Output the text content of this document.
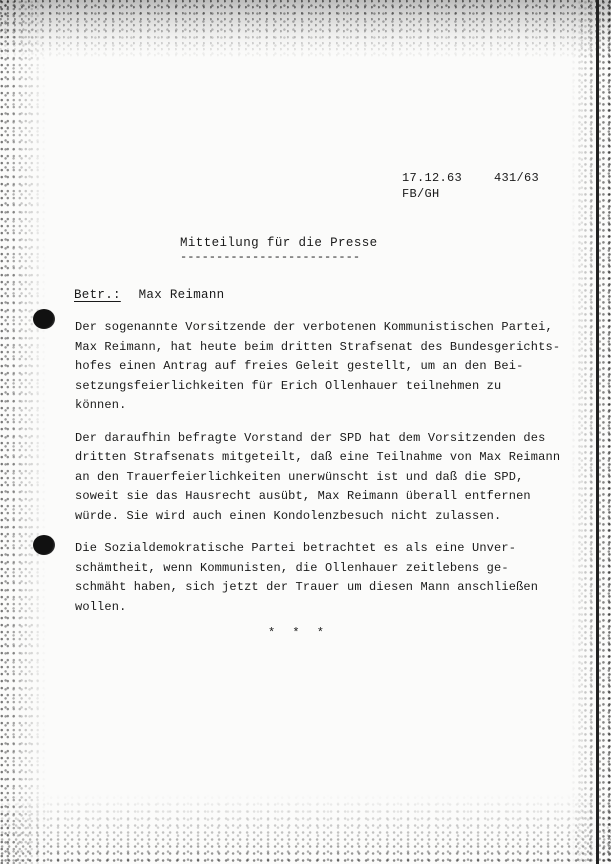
17.12.63	431/63
FB/GH
Mitteilung für die Presse
-------------------------
Betr.: Max Reimann

Der sogenannte Vorsitzende der verbotenen Kommunistischen Partei,
Max Reimann, hat heute beim dritten Strafsenat des Bundesgerichts-
hofes einen Antrag auf freies Geleit gestellt, um an den Bei-
setzungsfeierlichkeiten für Erich Ollenhauer teilnehmen zu
können.

Der daraufhin befragte Vorstand der SPD hat dem Vorsitzenden des
dritten Strafsenats mitgeteilt, daß eine Teilnahme von Max Reimann
an den Trauerfeierlichkeiten unerwünscht ist und daß die SPD,
soweit sie das Hausrecht ausübt, Max Reimann überall entfernen
würde. Sie wird auch einen Kondolenzbesuch nicht zulassen.

Die Sozialdemokratische Partei betrachtet es als eine Unver-
schämtheit, wenn Kommunisten, die Ollenhauer zeitlebens ge-
schmäht haben, sich jetzt der Trauer um diesen Mann anschließen
wollen.

* * *
